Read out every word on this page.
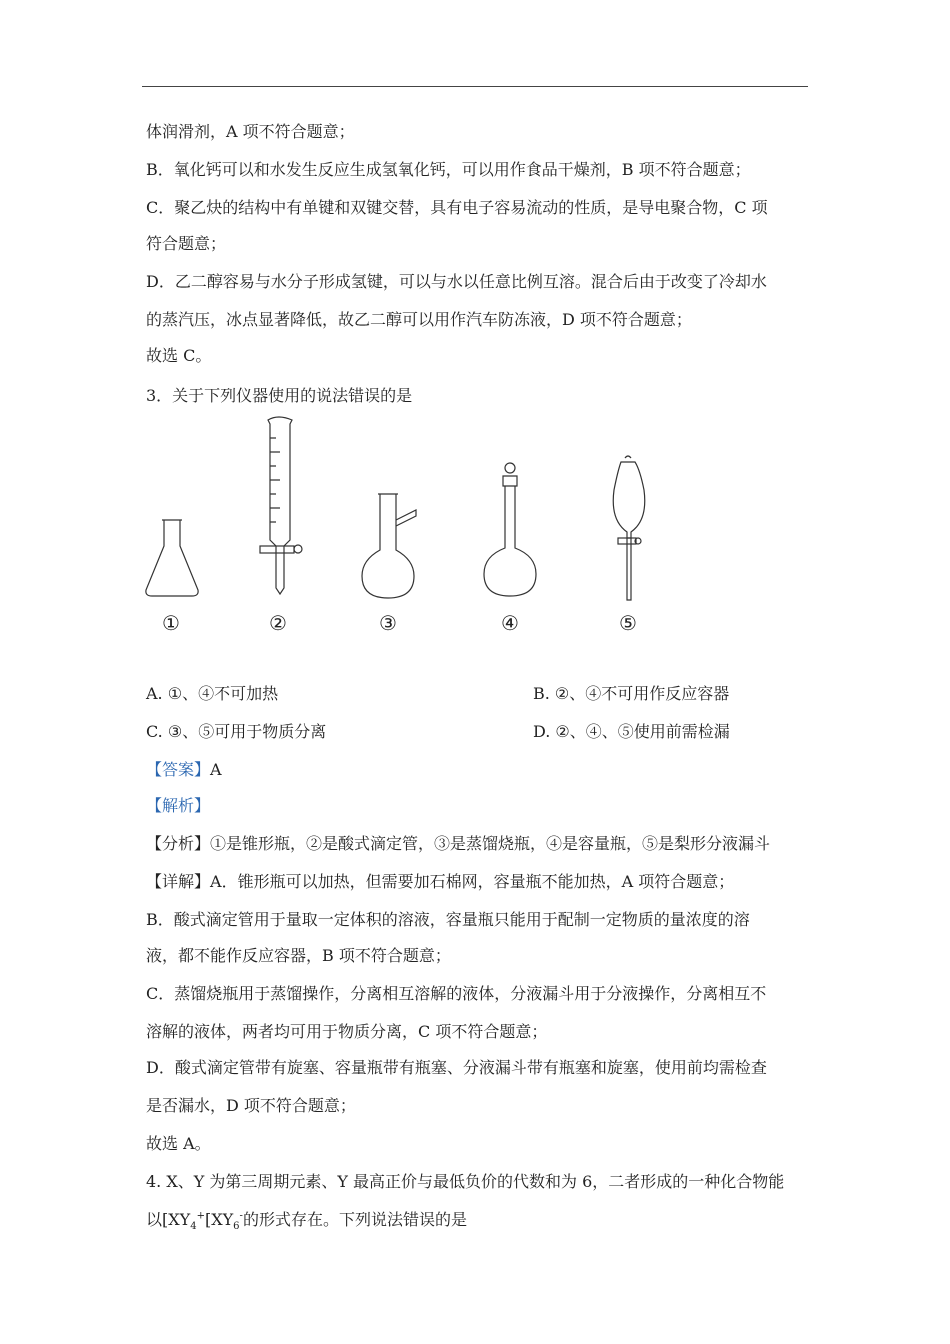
体润滑剂，A 项不符合题意；
B．氧化钙可以和水发生反应生成氢氧化钙，可以用作食品干燥剂，B 项不符合题意；
C．聚乙炔的结构中有单键和双键交替，具有电子容易流动的性质，是导电聚合物，C 项
符合题意；
D．乙二醇容易与水分子形成氢键，可以与水以任意比例互溶。混合后由于改变了冷却水
的蒸汽压，冰点显著降低，故乙二醇可以用作汽车防冻液，D 项不符合题意；
故选 C。
3．关于下列仪器使用的说法错误的是
①	②	③	④	⑤
A. ①、④不可加热	B. ②、④不可用作反应容器
C. ③、⑤可用于物质分离	D. ②、④、⑤使用前需检漏
【答案】A
【解析】
【分析】①是锥形瓶，②是酸式滴定管，③是蒸馏烧瓶，④是容量瓶，⑤是梨形分液漏斗
【详解】A．锥形瓶可以加热，但需要加石棉网，容量瓶不能加热，A 项符合题意；
B．酸式滴定管用于量取一定体积的溶液，容量瓶只能用于配制一定物质的量浓度的溶
液，都不能作反应容器，B 项不符合题意；
C．蒸馏烧瓶用于蒸馏操作，分离相互溶解的液体，分液漏斗用于分液操作，分离相互不
溶解的液体，两者均可用于物质分离，C 项不符合题意；
D．酸式滴定管带有旋塞、容量瓶带有瓶塞、分液漏斗带有瓶塞和旋塞，使用前均需检查
是否漏水，D 项不符合题意；
故选 A。
4. X、Y 为第三周期元素、Y 最高正价与最低负价的代数和为 6，二者形成的一种化合物能
以[$XY_4^+[XY_6^-$的形式存在。下列说法错误的是
